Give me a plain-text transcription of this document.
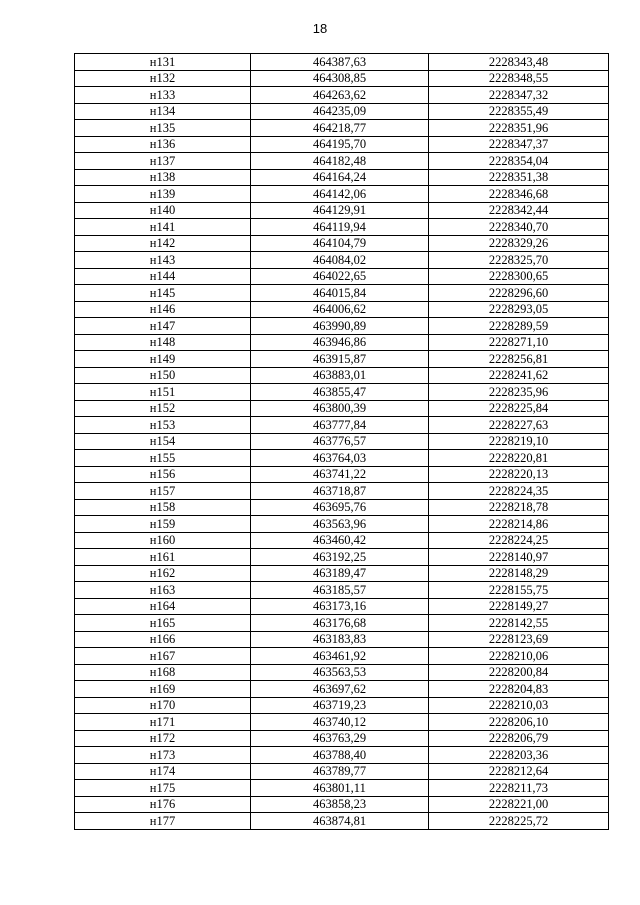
18
н131	464387,63	2228343,48
н132	464308,85	2228348,55
н133	464263,62	2228347,32
н134	464235,09	2228355,49
н135	464218,77	2228351,96
н136	464195,70	2228347,37
н137	464182,48	2228354,04
н138	464164,24	2228351,38
н139	464142,06	2228346,68
н140	464129,91	2228342,44
н141	464119,94	2228340,70
н142	464104,79	2228329,26
н143	464084,02	2228325,70
н144	464022,65	2228300,65
н145	464015,84	2228296,60
н146	464006,62	2228293,05
н147	463990,89	2228289,59
н148	463946,86	2228271,10
н149	463915,87	2228256,81
н150	463883,01	2228241,62
н151	463855,47	2228235,96
н152	463800,39	2228225,84
н153	463777,84	2228227,63
н154	463776,57	2228219,10
н155	463764,03	2228220,81
н156	463741,22	2228220,13
н157	463718,87	2228224,35
н158	463695,76	2228218,78
н159	463563,96	2228214,86
н160	463460,42	2228224,25
н161	463192,25	2228140,97
н162	463189,47	2228148,29
н163	463185,57	2228155,75
н164	463173,16	2228149,27
н165	463176,68	2228142,55
н166	463183,83	2228123,69
н167	463461,92	2228210,06
н168	463563,53	2228200,84
н169	463697,62	2228204,83
н170	463719,23	2228210,03
н171	463740,12	2228206,10
н172	463763,29	2228206,79
н173	463788,40	2228203,36
н174	463789,77	2228212,64
н175	463801,11	2228211,73
н176	463858,23	2228221,00
н177	463874,81	2228225,72
